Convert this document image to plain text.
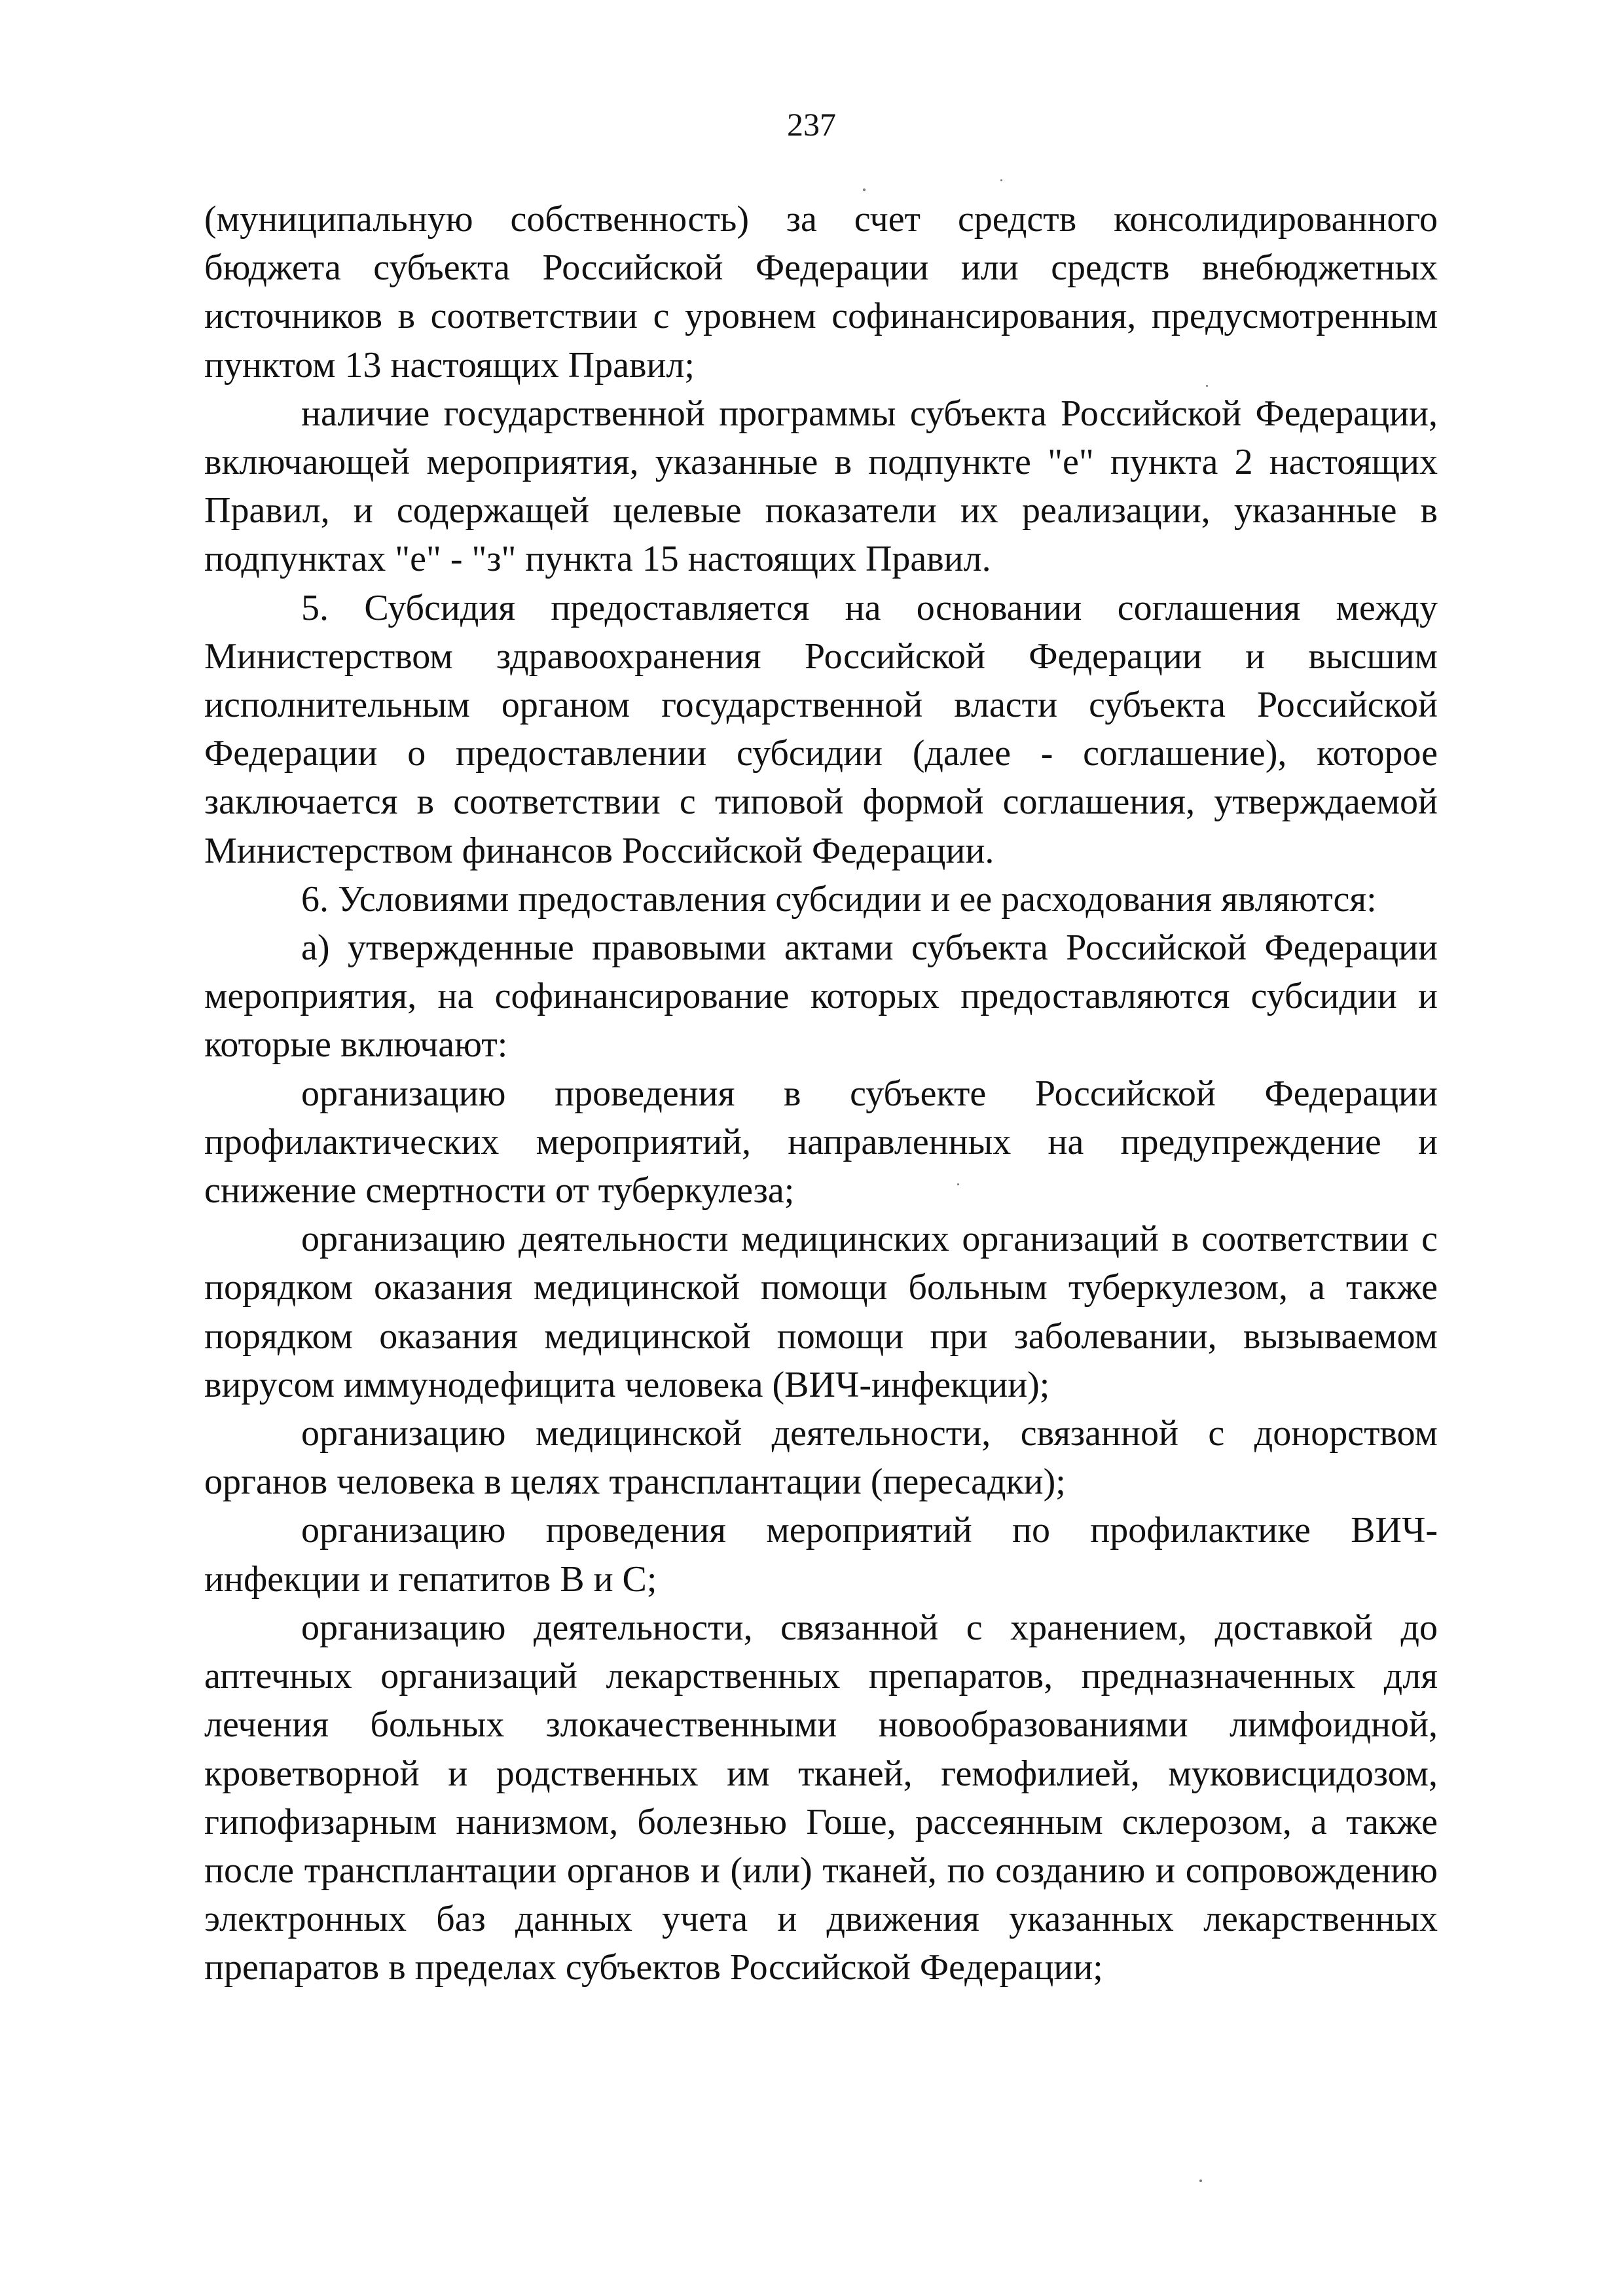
237

(муниципальную собственность) за счет средств консолидированного бюджета субъекта Российской Федерации или средств внебюджетных источников в соответствии с уровнем софинансирования, предусмотренным пунктом 13 настоящих Правил;

наличие государственной программы субъекта Российской Федерации, включающей мероприятия, указанные в подпункте "е" пункта 2 настоящих Правил, и содержащей целевые показатели их реализации, указанные в подпунктах "е" - "з" пункта 15 настоящих Правил.

5. Субсидия предоставляется на основании соглашения между Министерством здравоохранения Российской Федерации и высшим исполнительным органом государственной власти субъекта Российской Федерации о предоставлении субсидии (далее - соглашение), которое заключается в соответствии с типовой формой соглашения, утверждаемой Министерством финансов Российской Федерации.

6. Условиями предоставления субсидии и ее расходования являются:

а) утвержденные правовыми актами субъекта Российской Федерации мероприятия, на софинансирование которых предоставляются субсидии и которые включают:

организацию проведения в субъекте Российской Федерации профилактических мероприятий, направленных на предупреждение и снижение смертности от туберкулеза;

организацию деятельности медицинских организаций в соответствии с порядком оказания медицинской помощи больным туберкулезом, а также порядком оказания медицинской помощи при заболевании, вызываемом вирусом иммунодефицита человека (ВИЧ-инфекции);

организацию медицинской деятельности, связанной с донорством органов человека в целях трансплантации (пересадки);

организацию проведения мероприятий по профилактике ВИЧ-инфекции и гепатитов В и С;

организацию деятельности, связанной с хранением, доставкой до аптечных организаций лекарственных препаратов, предназначенных для лечения больных злокачественными новообразованиями лимфоидной, кроветворной и родственных им тканей, гемофилией, муковисцидозом, гипофизарным нанизмом, болезнью Гоше, рассеянным склерозом, а также после трансплантации органов и (или) тканей, по созданию и сопровождению электронных баз данных учета и движения указанных лекарственных препаратов в пределах субъектов Российской Федерации;
